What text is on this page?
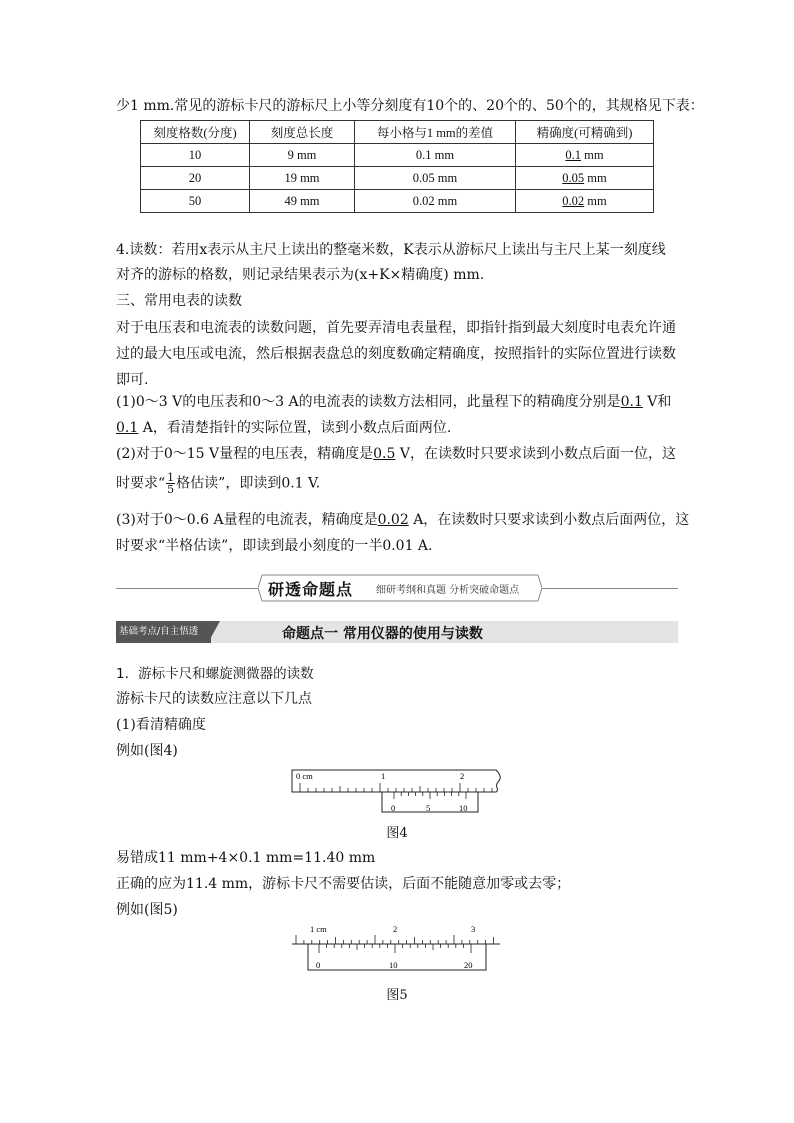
少1 mm.常见的游标卡尺的游标尺上小等分刻度有10个的、20个的、50个的，其规格见下表：
刻度格数(分度)	刻度总长度	每小格与1 mm的差值	精确度(可精确到)
10	9 mm	0.1 mm	0.1 mm
20	19 mm	0.05 mm	0.05 mm
50	49 mm	0.02 mm	0.02 mm
4.读数：若用x表示从主尺上读出的整毫米数，K表示从游标尺上读出与主尺上某一刻度线
对齐的游标的格数，则记录结果表示为(x+K×精确度) mm.
三、常用电表的读数
对于电压表和电流表的读数问题，首先要弄清电表量程，即指针指到最大刻度时电表允许通
过的最大电压或电流，然后根据表盘总的刻度数确定精确度，按照指针的实际位置进行读数
即可.
(1)0～3 V的电压表和0～3 A的电流表的读数方法相同，此量程下的精确度分别是0.1 V和
0.1 A，看清楚指针的实际位置，读到小数点后面两位.
(2)对于0～15 V量程的电压表，精确度是0.5 V，在读数时只要求读到小数点后面一位，这
时要求“ $\frac{1}{5}$ 格估读”，即读到0.1 V.
(3)对于0～0.6 A量程的电流表，精确度是0.02 A，在读数时只要求读到小数点后面两位，这
时要求“半格估读”，即读到最小刻度的一半0.01 A.
研透命题点 细研考纲和真题 分析突破命题点
基础考点/自主悟透	命题点一 常用仪器的使用与读数
1．游标卡尺和螺旋测微器的读数
游标卡尺的读数应注意以下几点
(1)看清精确度
例如(图4)
0 cm	1	2
0	5	10
图4
易错成11 mm+4×0.1 mm=11.40 mm
正确的应为11.4 mm，游标卡尺不需要估读，后面不能随意加零或去零；
例如(图5)
1 cm	2	3
0	10	20
图5
